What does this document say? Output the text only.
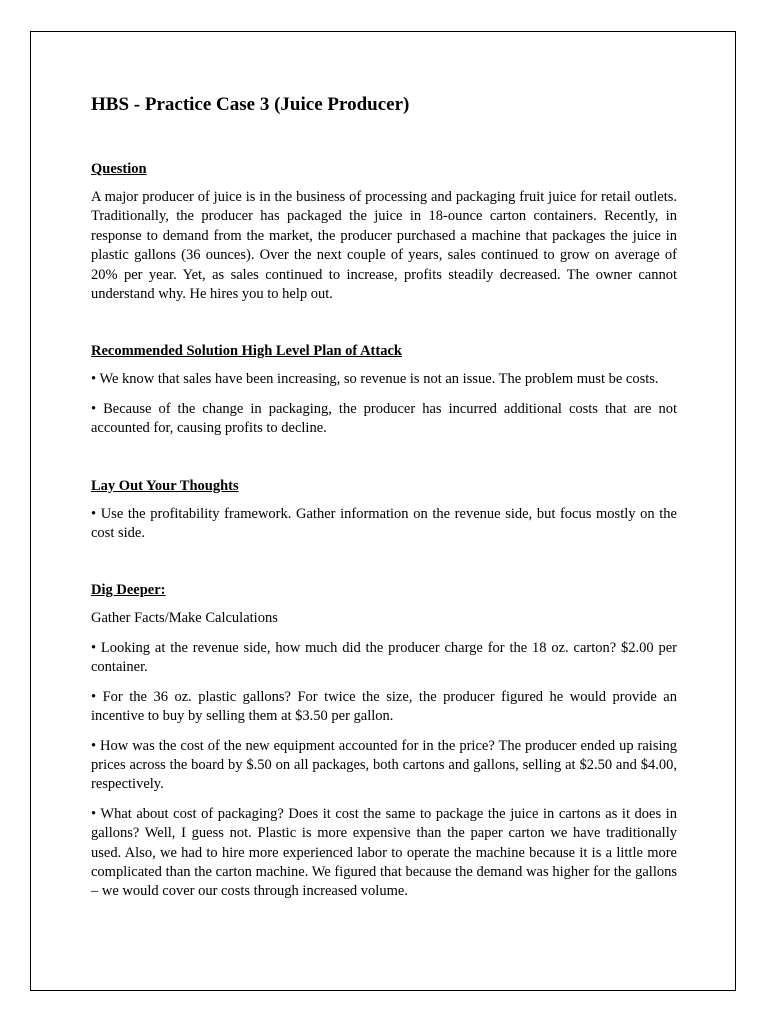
HBS - Practice Case 3 (Juice Producer)
Question

A major producer of juice is in the business of processing and packaging fruit juice for retail outlets. Traditionally, the producer has packaged the juice in 18-ounce carton containers. Recently, in response to demand from the market, the producer purchased a machine that packages the juice in plastic gallons (36 ounces). Over the next couple of years, sales continued to grow on average of 20% per year. Yet, as sales continued to increase, profits steadily decreased. The owner cannot understand why. He hires you to help out.

Recommended Solution High Level Plan of Attack

• We know that sales have been increasing, so revenue is not an issue. The problem must be costs.

• Because of the change in packaging, the producer has incurred additional costs that are not accounted for, causing profits to decline.

Lay Out Your Thoughts

• Use the profitability framework. Gather information on the revenue side, but focus mostly on the cost side.

Dig Deeper:

Gather Facts/Make Calculations

• Looking at the revenue side, how much did the producer charge for the 18 oz. carton? $2.00 per container.

• For the 36 oz. plastic gallons? For twice the size, the producer figured he would provide an incentive to buy by selling them at $3.50 per gallon.

• How was the cost of the new equipment accounted for in the price? The producer ended up raising prices across the board by $.50 on all packages, both cartons and gallons, selling at $2.50 and $4.00, respectively.

• What about cost of packaging? Does it cost the same to package the juice in cartons as it does in gallons? Well, I guess not. Plastic is more expensive than the paper carton we have traditionally used. Also, we had to hire more experienced labor to operate the machine because it is a little more complicated than the carton machine. We figured that because the demand was higher for the gallons – we would cover our costs through increased volume.
